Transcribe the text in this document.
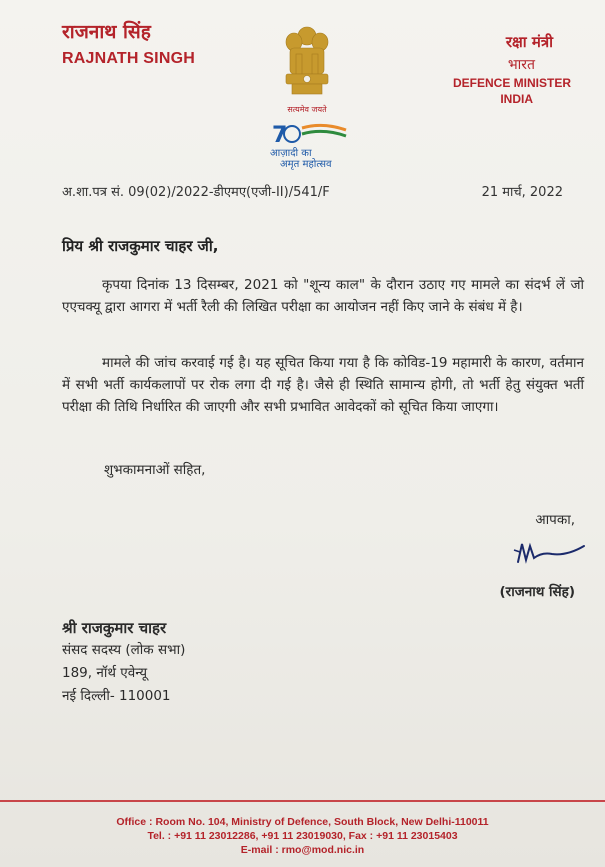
राजनाथ सिंह
RAJNATH SINGH
सत्यमेव जयते
7
आज़ादी का
अमृत महोत्सव
रक्षा मंत्री
भारत
DEFENCE MINISTER
INDIA
अ.शा.पत्र सं. 09(02)/2022-डीएमए(एजी-II)/541/F	21 मार्च, 2022
प्रिय श्री राजकुमार चाहर जी,
कृपया दिनांक 13 दिसम्बर, 2021 को "शून्य काल" के दौरान उठाए गए मामले का संदर्भ लें जो एएचक्यू द्वारा आगरा में भर्ती रैली की लिखित परीक्षा का आयोजन नहीं किए जाने के संबंध में है।
मामले की जांच करवाई गई है। यह सूचित किया गया है कि कोविड-19 महामारी के कारण, वर्तमान में सभी भर्ती कार्यकलापों पर रोक लगा दी गई है। जैसे ही स्थिति सामान्य होगी, तो भर्ती हेतु संयुक्त भर्ती परीक्षा की तिथि निर्धारित की जाएगी और सभी प्रभावित आवेदकों को सूचित किया जाएगा।
शुभकामनाओं सहित,
आपका,
(राजनाथ सिंह)
श्री राजकुमार चाहर
संसद सदस्य (लोक सभा)
189, नॉर्थ एवेन्यू
नई दिल्ली- 110001
Office : Room No. 104, Ministry of Defence, South Block, New Delhi-110011
Tel. : +91 11 23012286, +91 11 23019030, Fax : +91 11 23015403
E-mail : rmo@mod.nic.in
